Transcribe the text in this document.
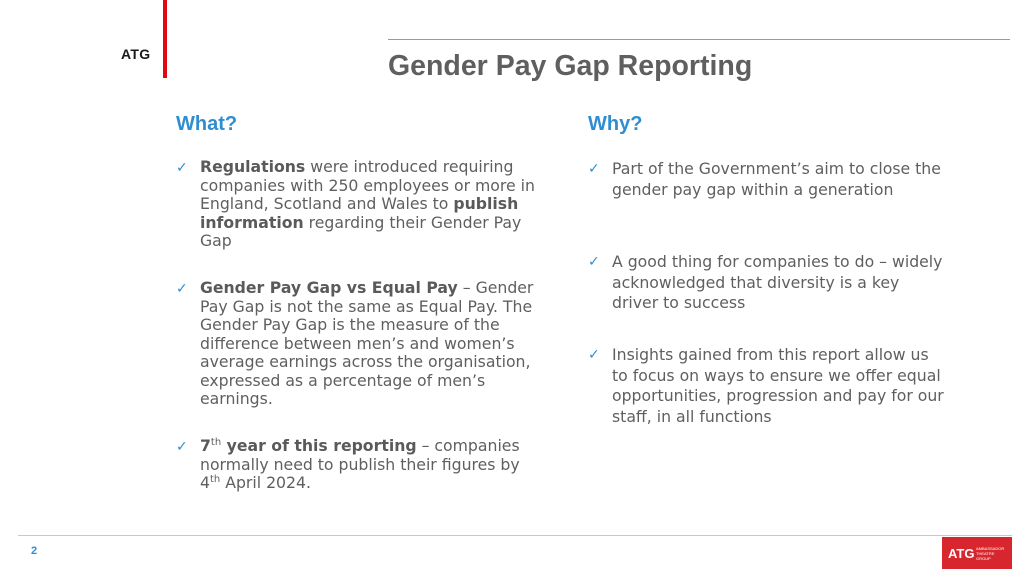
ATG	Gender Pay Gap Reporting
What?	Why?
✓ Regulations were introduced requiring companies with 250 employees or more in England, Scotland and Wales to publish information regarding their Gender Pay Gap
✓ Gender Pay Gap vs Equal Pay – Gender Pay Gap is not the same as Equal Pay. The Gender Pay Gap is the measure of the difference between men’s and women’s average earnings across the organisation, expressed as a percentage of men’s earnings.
✓ 7th year of this reporting – companies normally need to publish their figures by 4th April 2024.
✓ Part of the Government’s aim to close the gender pay gap within a generation
✓ A good thing for companies to do – widely acknowledged that diversity is a key driver to success
✓ Insights gained from this report allow us to focus on ways to ensure we offer equal opportunities, progression and pay for our staff, in all functions
2	ATG AMBASSADOR
THEATRE
GROUP
